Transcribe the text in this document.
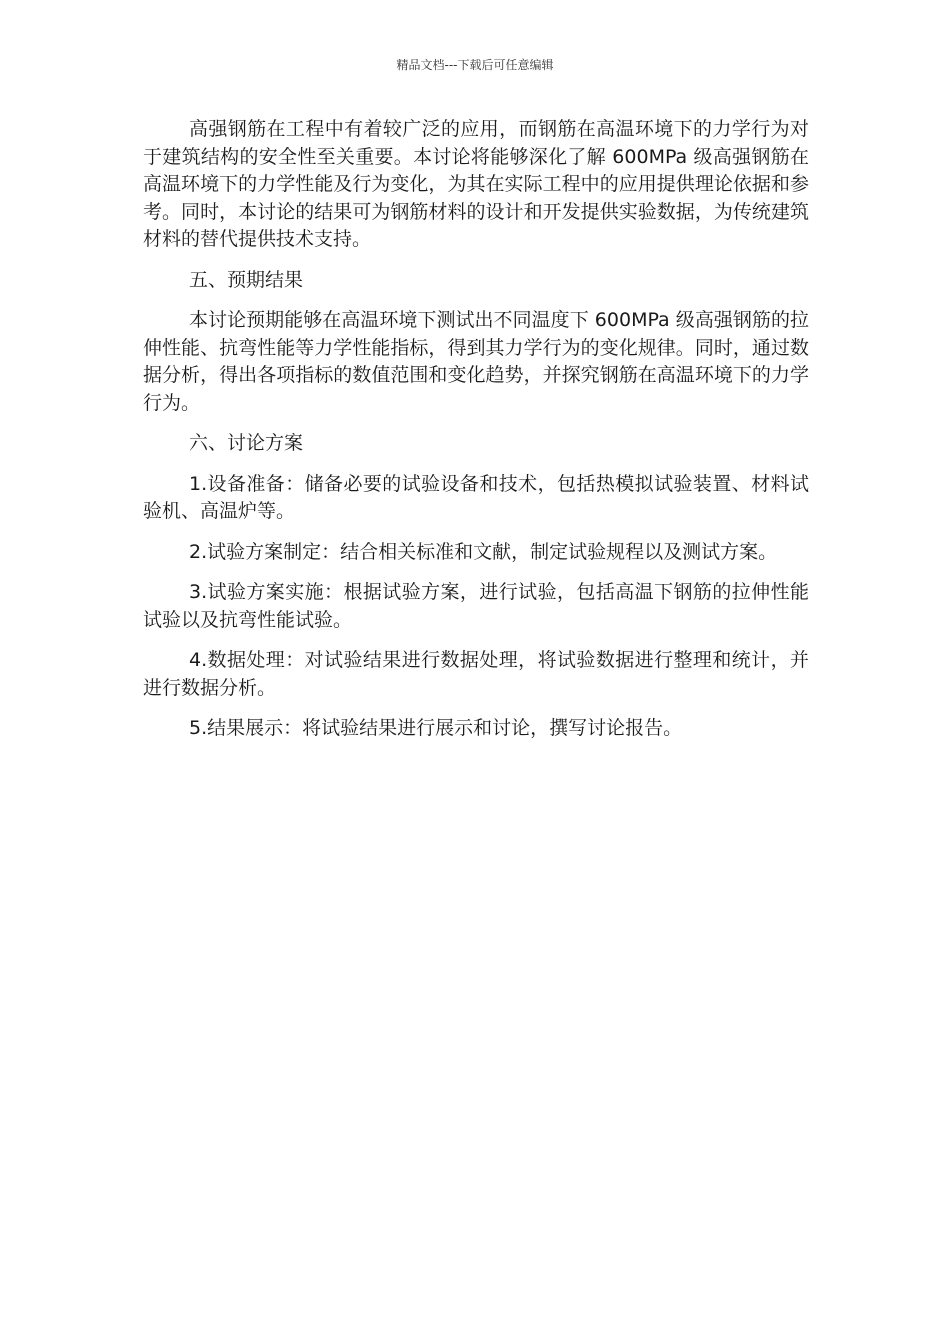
精品文档---下载后可任意编辑

高强钢筋在工程中有着较广泛的应用，而钢筋在高温环境下的力学行为对于建筑结构的安全性至关重要。本讨论将能够深化了解 600MPa 级高强钢筋在高温环境下的力学性能及行为变化，为其在实际工程中的应用提供理论依据和参考。同时，本讨论的结果可为钢筋材料的设计和开发提供实验数据，为传统建筑材料的替代提供技术支持。

五、预期结果

本讨论预期能够在高温环境下测试出不同温度下 600MPa 级高强钢筋的拉伸性能、抗弯性能等力学性能指标，得到其力学行为的变化规律。同时，通过数据分析，得出各项指标的数值范围和变化趋势，并探究钢筋在高温环境下的力学行为。

六、讨论方案

1.设备准备：储备必要的试验设备和技术，包括热模拟试验装置、材料试验机、高温炉等。

2.试验方案制定：结合相关标准和文献，制定试验规程以及测试方案。

3.试验方案实施：根据试验方案，进行试验，包括高温下钢筋的拉伸性能试验以及抗弯性能试验。

4.数据处理：对试验结果进行数据处理，将试验数据进行整理和统计，并进行数据分析。

5.结果展示：将试验结果进行展示和讨论，撰写讨论报告。
